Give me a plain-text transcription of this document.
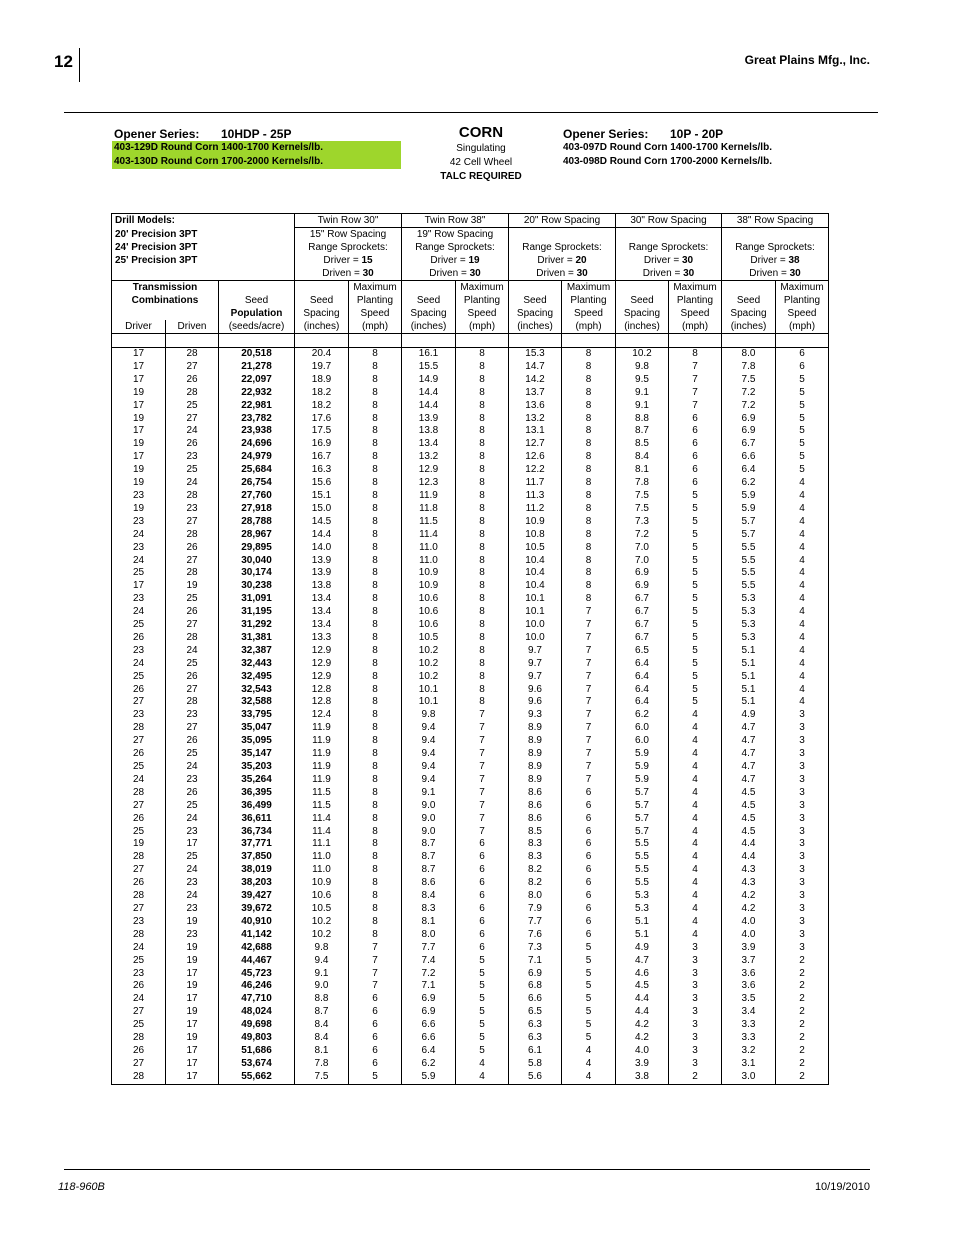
12	Great Plains Mfg., Inc.
Opener Series: 10HDP - 25P
403-129D Round Corn 1400-1700 Kernels/lb.
403-130D Round Corn 1700-2000 Kernels/lb.
CORN
Singulating
42 Cell Wheel
TALC REQUIRED
Opener Series: 10P - 20P
403-097D Round Corn 1400-1700 Kernels/lb.
403-098D Round Corn 1700-2000 Kernels/lb.
Drill Models:			Twin Row 30"		Twin Row 38"		20" Row Spacing		30" Row Spacing		38" Row Spacing	
20' Precision 3PT			15" Row Spacing		19" Row Spacing							
24' Precision 3PT			Range Sprockets:		Range Sprockets:		Range Sprockets:		Range Sprockets:		Range Sprockets:	
25' Precision 3PT			Driver = 15		Driver = 19		Driver = 20		Driver = 30		Driver = 38	
			Driven = 30		Driven = 30		Driven = 30		Driven = 30		Driven = 30	
Transmission				Maximum		Maximum		Maximum		Maximum		Maximum
Combinations		Seed	Seed	Planting	Seed	Planting	Seed	Planting	Seed	Planting	Seed	Planting
		Population	Spacing	Speed	Spacing	Speed	Spacing	Speed	Spacing	Speed	Spacing	Speed
Driver	Driven	(seeds/acre)	(inches)	(mph)	(inches)	(mph)	(inches)	(mph)	(inches)	(mph)	(inches)	(mph)

17	28	20,518	20.4	8	16.1	8	15.3	8	10.2	8	8.0	6
17	27	21,278	19.7	8	15.5	8	14.7	8	9.8	7	7.8	6
17	26	22,097	18.9	8	14.9	8	14.2	8	9.5	7	7.5	5
19	28	22,932	18.2	8	14.4	8	13.7	8	9.1	7	7.2	5
17	25	22,981	18.2	8	14.4	8	13.6	8	9.1	7	7.2	5
19	27	23,782	17.6	8	13.9	8	13.2	8	8.8	6	6.9	5
17	24	23,938	17.5	8	13.8	8	13.1	8	8.7	6	6.9	5
19	26	24,696	16.9	8	13.4	8	12.7	8	8.5	6	6.7	5
17	23	24,979	16.7	8	13.2	8	12.6	8	8.4	6	6.6	5
19	25	25,684	16.3	8	12.9	8	12.2	8	8.1	6	6.4	5
19	24	26,754	15.6	8	12.3	8	11.7	8	7.8	6	6.2	4
23	28	27,760	15.1	8	11.9	8	11.3	8	7.5	5	5.9	4
19	23	27,918	15.0	8	11.8	8	11.2	8	7.5	5	5.9	4
23	27	28,788	14.5	8	11.5	8	10.9	8	7.3	5	5.7	4
24	28	28,967	14.4	8	11.4	8	10.8	8	7.2	5	5.7	4
23	26	29,895	14.0	8	11.0	8	10.5	8	7.0	5	5.5	4
24	27	30,040	13.9	8	11.0	8	10.4	8	7.0	5	5.5	4
25	28	30,174	13.9	8	10.9	8	10.4	8	6.9	5	5.5	4
17	19	30,238	13.8	8	10.9	8	10.4	8	6.9	5	5.5	4
23	25	31,091	13.4	8	10.6	8	10.1	8	6.7	5	5.3	4
24	26	31,195	13.4	8	10.6	8	10.1	7	6.7	5	5.3	4
25	27	31,292	13.4	8	10.6	8	10.0	7	6.7	5	5.3	4
26	28	31,381	13.3	8	10.5	8	10.0	7	6.7	5	5.3	4
23	24	32,387	12.9	8	10.2	8	9.7	7	6.5	5	5.1	4
24	25	32,443	12.9	8	10.2	8	9.7	7	6.4	5	5.1	4
25	26	32,495	12.9	8	10.2	8	9.7	7	6.4	5	5.1	4
26	27	32,543	12.8	8	10.1	8	9.6	7	6.4	5	5.1	4
27	28	32,588	12.8	8	10.1	8	9.6	7	6.4	5	5.1	4
23	23	33,795	12.4	8	9.8	7	9.3	7	6.2	4	4.9	3
28	27	35,047	11.9	8	9.4	7	8.9	7	6.0	4	4.7	3
27	26	35,095	11.9	8	9.4	7	8.9	7	6.0	4	4.7	3
26	25	35,147	11.9	8	9.4	7	8.9	7	5.9	4	4.7	3
25	24	35,203	11.9	8	9.4	7	8.9	7	5.9	4	4.7	3
24	23	35,264	11.9	8	9.4	7	8.9	7	5.9	4	4.7	3
28	26	36,395	11.5	8	9.1	7	8.6	6	5.7	4	4.5	3
27	25	36,499	11.5	8	9.0	7	8.6	6	5.7	4	4.5	3
26	24	36,611	11.4	8	9.0	7	8.6	6	5.7	4	4.5	3
25	23	36,734	11.4	8	9.0	7	8.5	6	5.7	4	4.5	3
19	17	37,771	11.1	8	8.7	6	8.3	6	5.5	4	4.4	3
28	25	37,850	11.0	8	8.7	6	8.3	6	5.5	4	4.4	3
27	24	38,019	11.0	8	8.7	6	8.2	6	5.5	4	4.3	3
26	23	38,203	10.9	8	8.6	6	8.2	6	5.5	4	4.3	3
28	24	39,427	10.6	8	8.4	6	8.0	6	5.3	4	4.2	3
27	23	39,672	10.5	8	8.3	6	7.9	6	5.3	4	4.2	3
23	19	40,910	10.2	8	8.1	6	7.7	6	5.1	4	4.0	3
28	23	41,142	10.2	8	8.0	6	7.6	6	5.1	4	4.0	3
24	19	42,688	9.8	7	7.7	6	7.3	5	4.9	3	3.9	3
25	19	44,467	9.4	7	7.4	5	7.1	5	4.7	3	3.7	2
23	17	45,723	9.1	7	7.2	5	6.9	5	4.6	3	3.6	2
26	19	46,246	9.0	7	7.1	5	6.8	5	4.5	3	3.6	2
24	17	47,710	8.8	6	6.9	5	6.6	5	4.4	3	3.5	2
27	19	48,024	8.7	6	6.9	5	6.5	5	4.4	3	3.4	2
25	17	49,698	8.4	6	6.6	5	6.3	5	4.2	3	3.3	2
28	19	49,803	8.4	6	6.6	5	6.3	5	4.2	3	3.3	2
26	17	51,686	8.1	6	6.4	5	6.1	4	4.0	3	3.2	2
27	17	53,674	7.8	6	6.2	4	5.8	4	3.9	3	3.1	2
28	17	55,662	7.5	5	5.9	4	5.6	4	3.8	2	3.0	2
118-960B	10/19/2010
